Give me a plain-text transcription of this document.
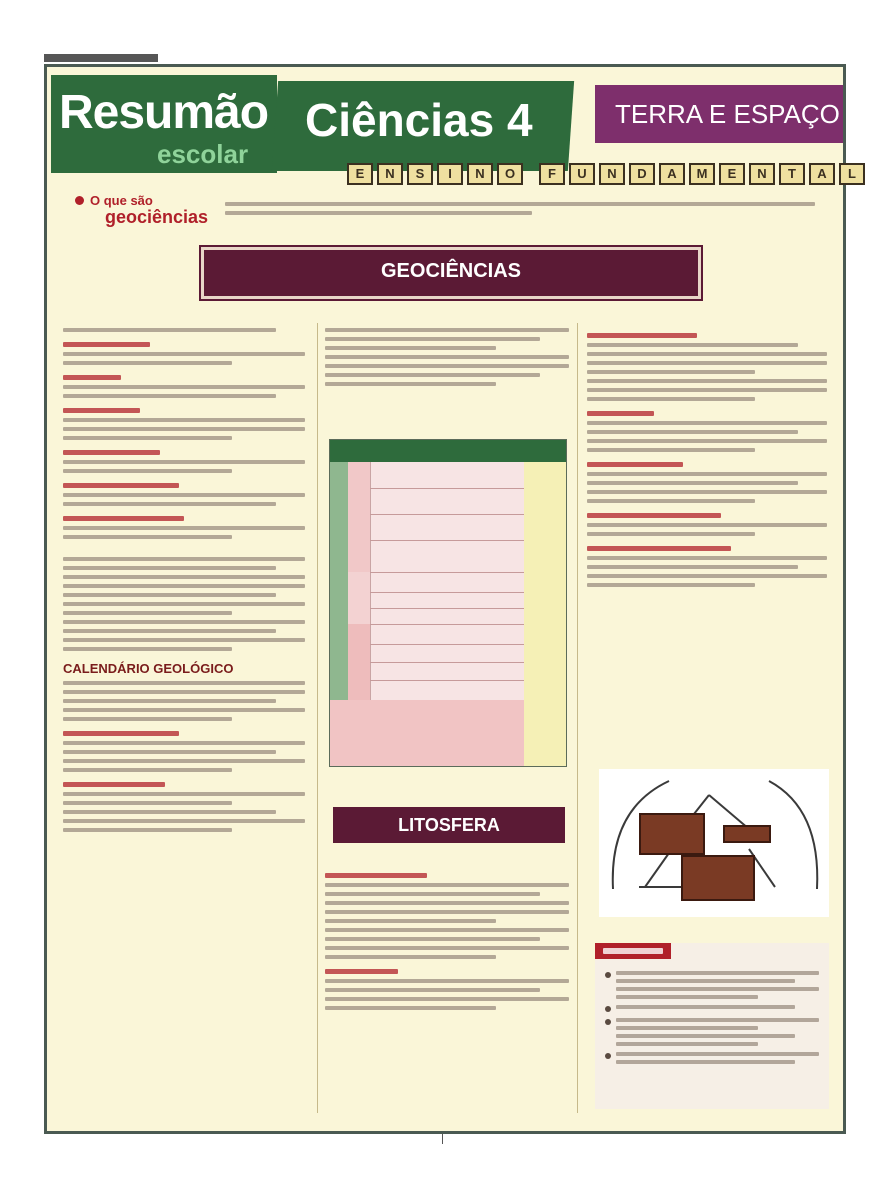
Resumão
escolar
Ciências 4	TERRA E ESPAÇO
E	N	S	I	N	O	F	U	N	D	A	M	E	N	T	A	L
O que são
geociências
GEOCIÊNCIAS
CALENDÁRIO GEOLÓGICO
LITOSFERA
